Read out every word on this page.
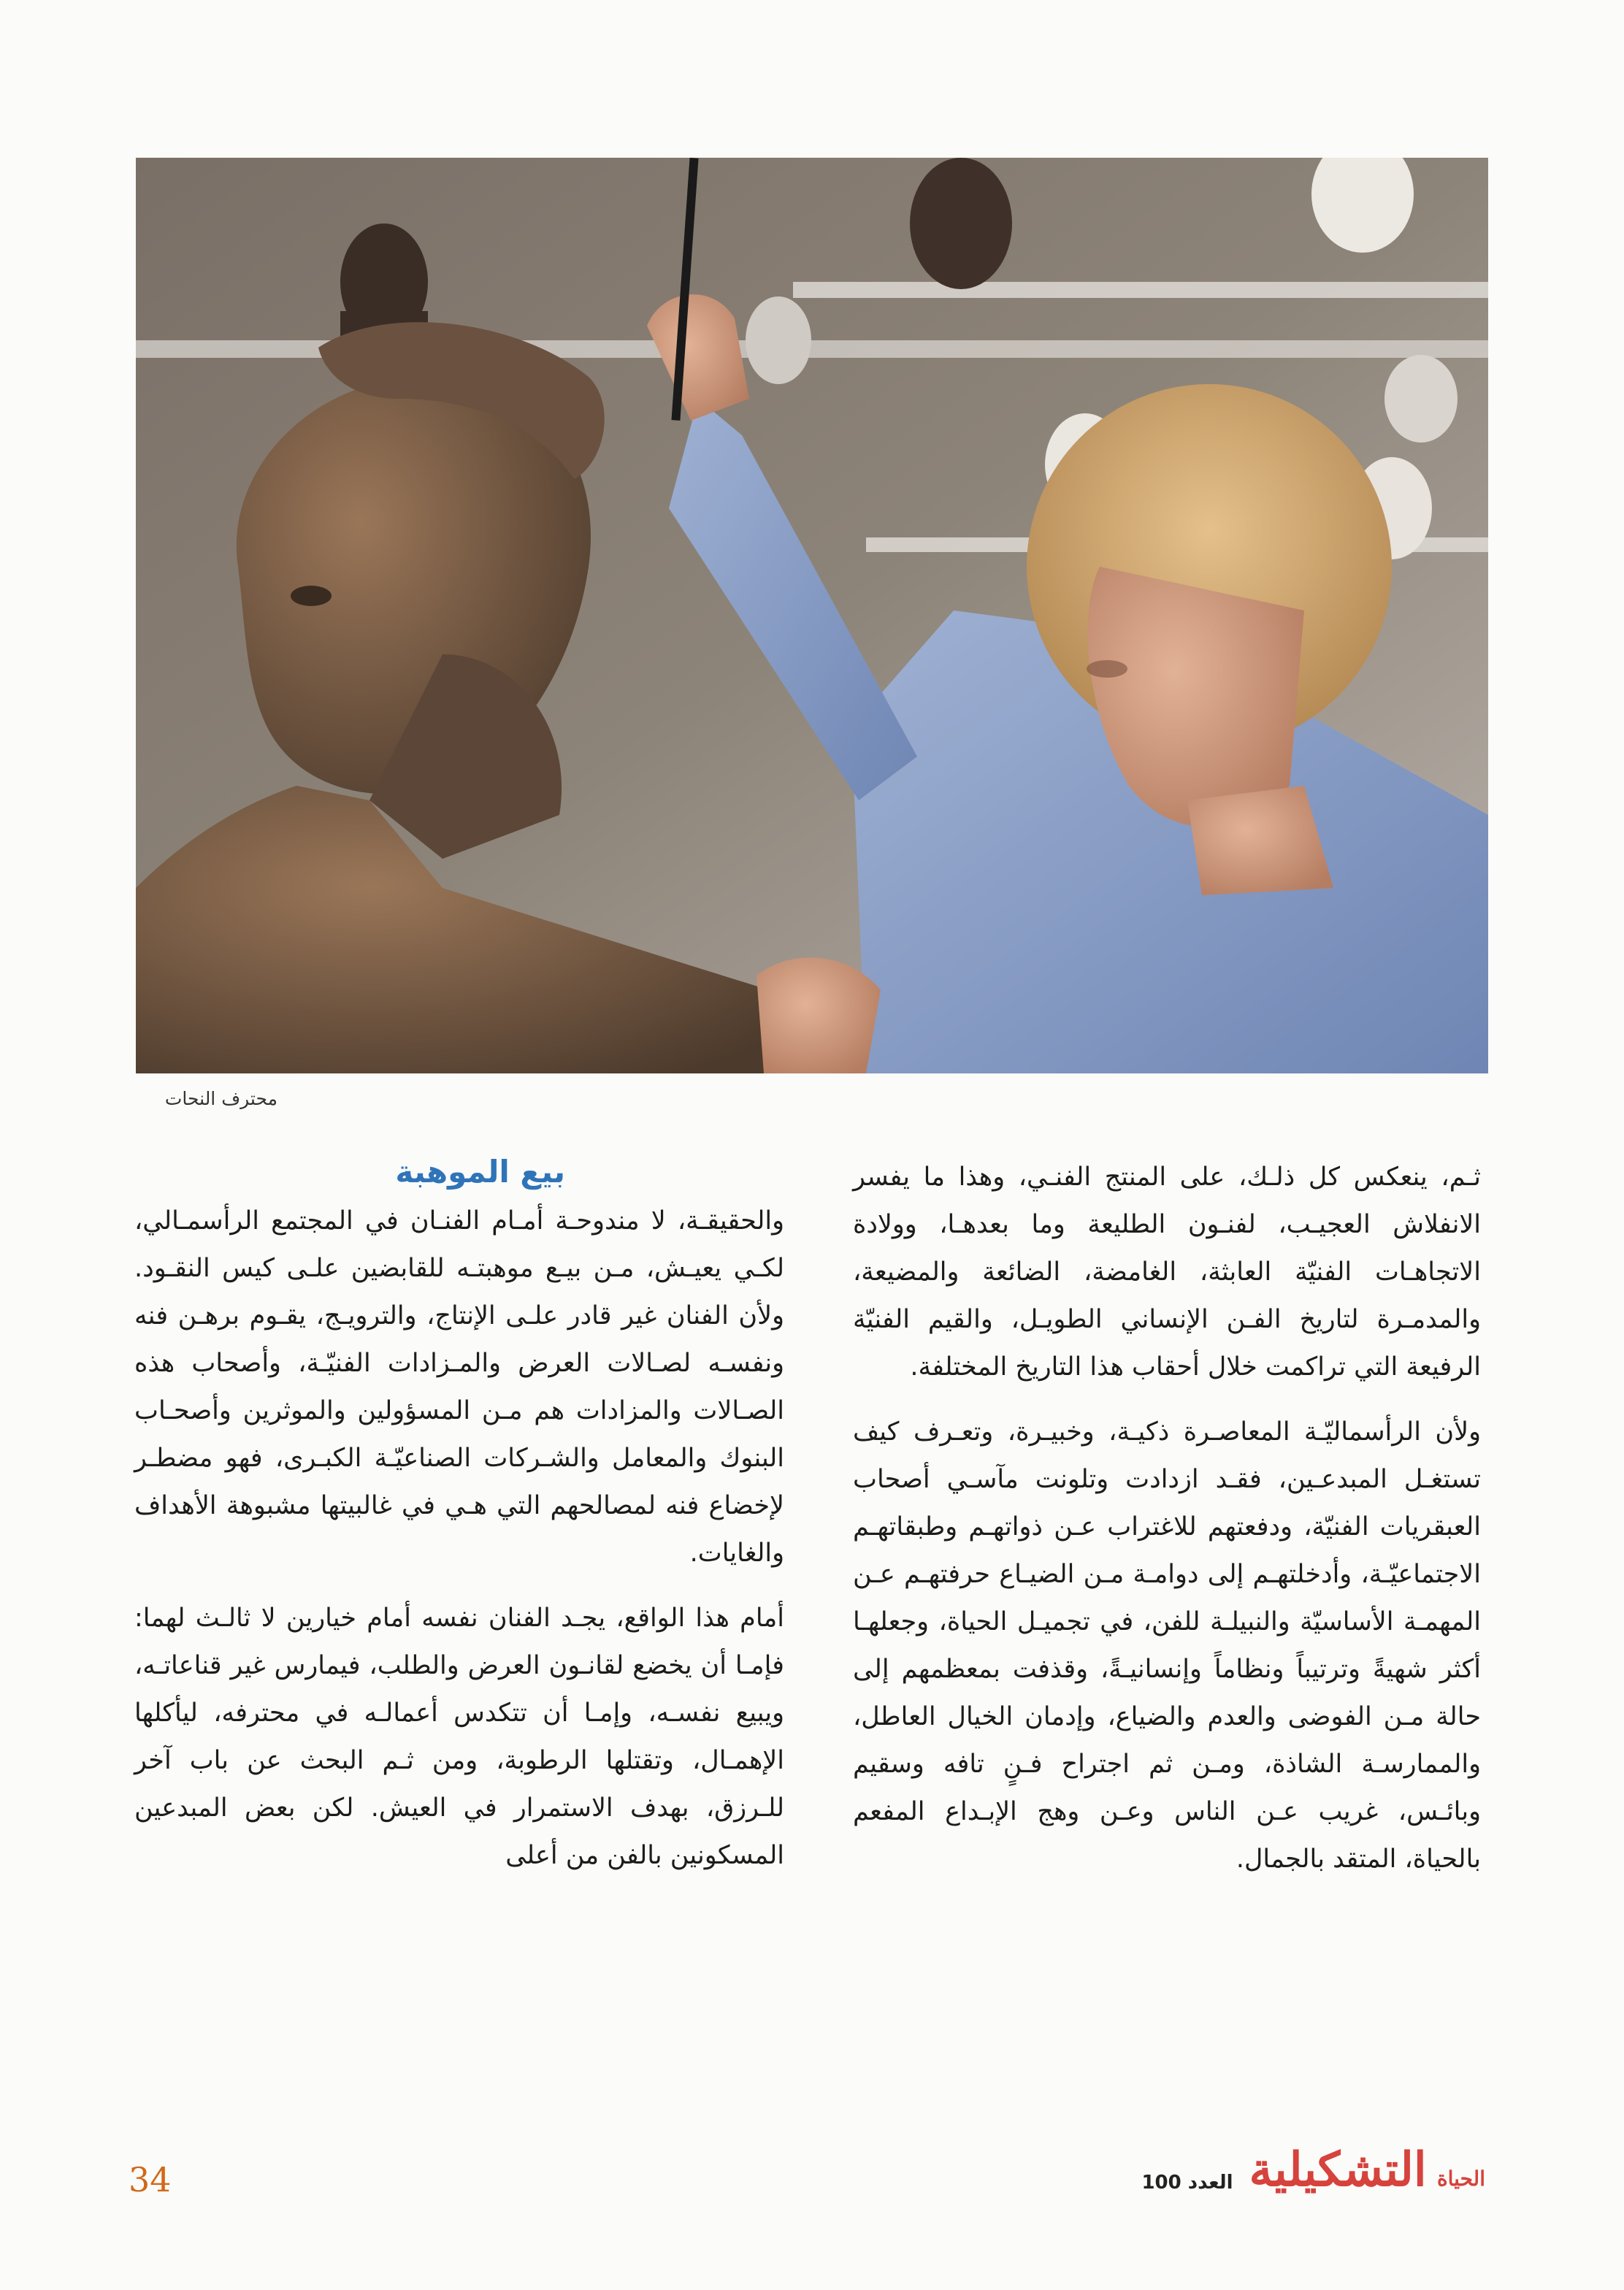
محترف النحات

ثـم، ينعكس كل ذلـك، على المنتج الفنـي، وهذا ما يفسر الانفلاش العجيـب، لفنـون الطليعة وما بعدهـا، وولادة الاتجاهـات الفنيّة العابثة، الغامضة، الضائعة والمضيعة، والمدمـرة لتاريخ الفـن الإنساني الطويـل، والقيم الفنيّة الرفيعة التي تراكمت خلال أحقاب هذا التاريخ المختلفة.

ولأن الرأسماليّـة المعاصـرة ذكيـة، وخبيـرة، وتعـرف كيف تستغـل المبدعـين، فقـد ازدادت وتلونت مآسـي أصحاب العبقريات الفنيّة، ودفعتهم للاغتراب عـن ذواتهـم وطبقاتهـم الاجتماعيّـة، وأدخلتهـم إلى دوامـة مـن الضيـاع حرفتهـم عـن المهمـة الأساسيّة والنبيلـة للفن، في تجميـل الحياة، وجعلهـا أكثر شهيةً وترتيباً ونظاماً وإنسانيـةً، وقذفت بمعظمهم إلى حالة مـن الفوضى والعدم والضياع، وإدمان الخيال العاطل، والممارسـة الشاذة، ومـن ثم اجتراح فـنٍ تافه وسقيم وبائـس، غريب عـن الناس وعـن وهج الإبـداع المفعم بالحياة، المتقد بالجمال.

بيع الموهبة

والحقيقـة، لا مندوحـة أمـام الفنـان في المجتمع الرأسمـالي، لكـي يعيـش، مـن بيـع موهبتـه للقابضين علـى كيس النقـود. ولأن الفنان غير قادر علـى الإنتاج، والترويـج، يقـوم برهـن فنه ونفسـه لصـالات العرض والمـزادات الفنيّـة، وأصحاب هذه الصـالات والمزادات هم مـن المسؤولين والموثرين وأصحـاب البنوك والمعامل والشـركات الصناعيّـة الكبـرى، فهو مضطـر لإخضاع فنه لمصالحهم التي هـي في غالبيتها مشبوهة الأهداف والغايات.

أمام هذا الواقع، يجـد الفنان نفسه أمام خيارين لا ثالـث لهما: فإمـا أن يخضع لقانـون العرض والطلب، فيمارس غير قناعاتـه، ويبيع نفسـه، وإمـا أن تتكدس أعمالـه في محترفه، ليأكلها الإهمـال، وتقتلها الرطوبة، ومن ثـم البحث عن باب آخر للـرزق، بهدف الاستمرار في العيش. لكن بعض المبدعين المسكونين بالفن من أعلى

34	العدد 100	الحياة التشكيلية
